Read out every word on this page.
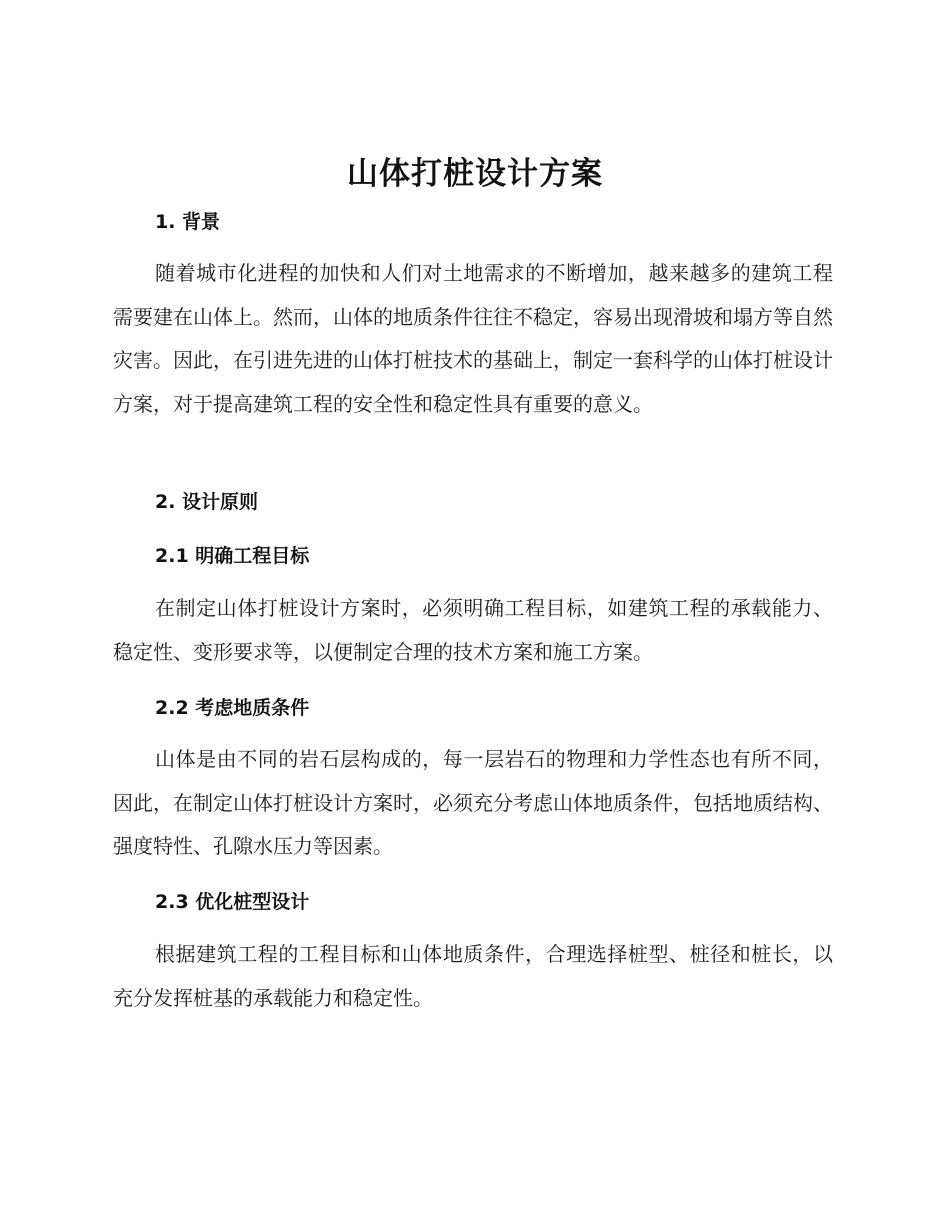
山体打桩设计方案
1. 背景
随着城市化进程的加快和人们对土地需求的不断增加，越来越多的建筑工程需要建在山体上。然而，山体的地质条件往往不稳定，容易出现滑坡和塌方等自然灾害。因此，在引进先进的山体打桩技术的基础上，制定一套科学的山体打桩设计方案，对于提高建筑工程的安全性和稳定性具有重要的意义。
2. 设计原则
2.1 明确工程目标
在制定山体打桩设计方案时，必须明确工程目标，如建筑工程的承载能力、稳定性、变形要求等，以便制定合理的技术方案和施工方案。
2.2 考虑地质条件
山体是由不同的岩石层构成的，每一层岩石的物理和力学性态也有所不同，因此，在制定山体打桩设计方案时，必须充分考虑山体地质条件，包括地质结构、强度特性、孔隙水压力等因素。
2.3 优化桩型设计
根据建筑工程的工程目标和山体地质条件，合理选择桩型、桩径和桩长，以充分发挥桩基的承载能力和稳定性。
